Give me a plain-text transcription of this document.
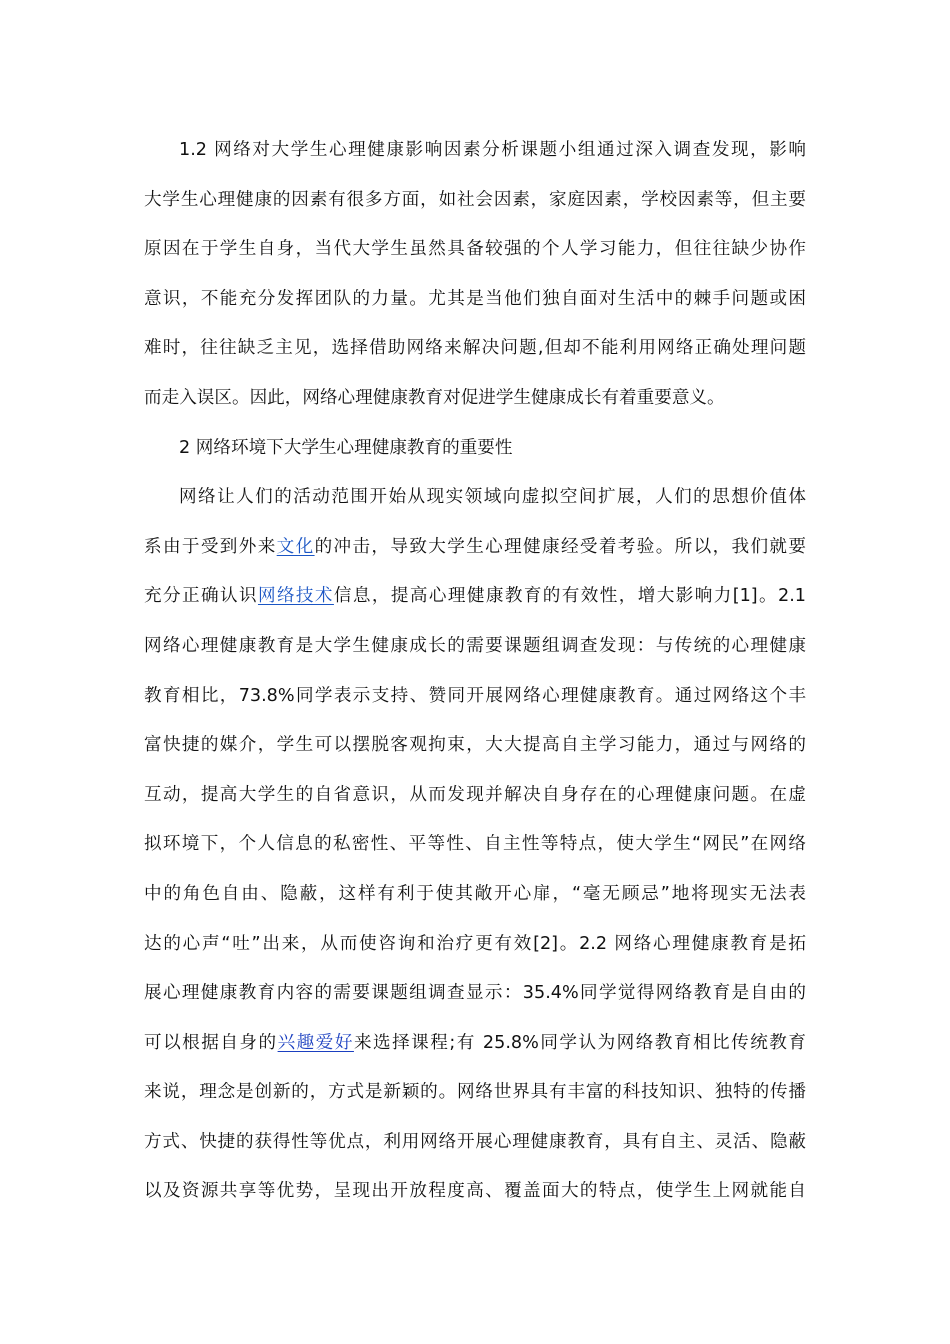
1.2 网络对大学生心理健康影响因素分析课题小组通过深入调查发现，影响
大学生心理健康的因素有很多方面，如社会因素，家庭因素，学校因素等，但主要
原因在于学生自身，当代大学生虽然具备较强的个人学习能力，但往往缺少协作
意识，不能充分发挥团队的力量。尤其是当他们独自面对生活中的棘手问题或困
难时，往往缺乏主见，选择借助网络来解决问题,但却不能利用网络正确处理问题
而走入误区。因此，网络心理健康教育对促进学生健康成长有着重要意义。
2 网络环境下大学生心理健康教育的重要性
网络让人们的活动范围开始从现实领域向虚拟空间扩展，人们的思想价值体
系由于受到外来文化的冲击，导致大学生心理健康经受着考验。所以，我们就要
充分正确认识网络技术信息，提高心理健康教育的有效性，增大影响力[1]。2.1
网络心理健康教育是大学生健康成长的需要课题组调查发现：与传统的心理健康
教育相比，73.8%同学表示支持、赞同开展网络心理健康教育。通过网络这个丰
富快捷的媒介，学生可以摆脱客观拘束，大大提高自主学习能力，通过与网络的
互动，提高大学生的自省意识，从而发现并解决自身存在的心理健康问题。在虚
拟环境下，个人信息的私密性、平等性、自主性等特点，使大学生“网民”在网络
中的角色自由、隐蔽，这样有利于使其敞开心扉，“毫无顾忌”地将现实无法表
达的心声“吐”出来，从而使咨询和治疗更有效[2]。2.2 网络心理健康教育是拓
展心理健康教育内容的需要课题组调查显示：35.4%同学觉得网络教育是自由的
可以根据自身的兴趣爱好来选择课程;有 25.8%同学认为网络教育相比传统教育
来说，理念是创新的，方式是新颖的。网络世界具有丰富的科技知识、独特的传播
方式、快捷的获得性等优点，利用网络开展心理健康教育，具有自主、灵活、隐蔽
以及资源共享等优势，呈现出开放程度高、覆盖面大的特点，使学生上网就能自
